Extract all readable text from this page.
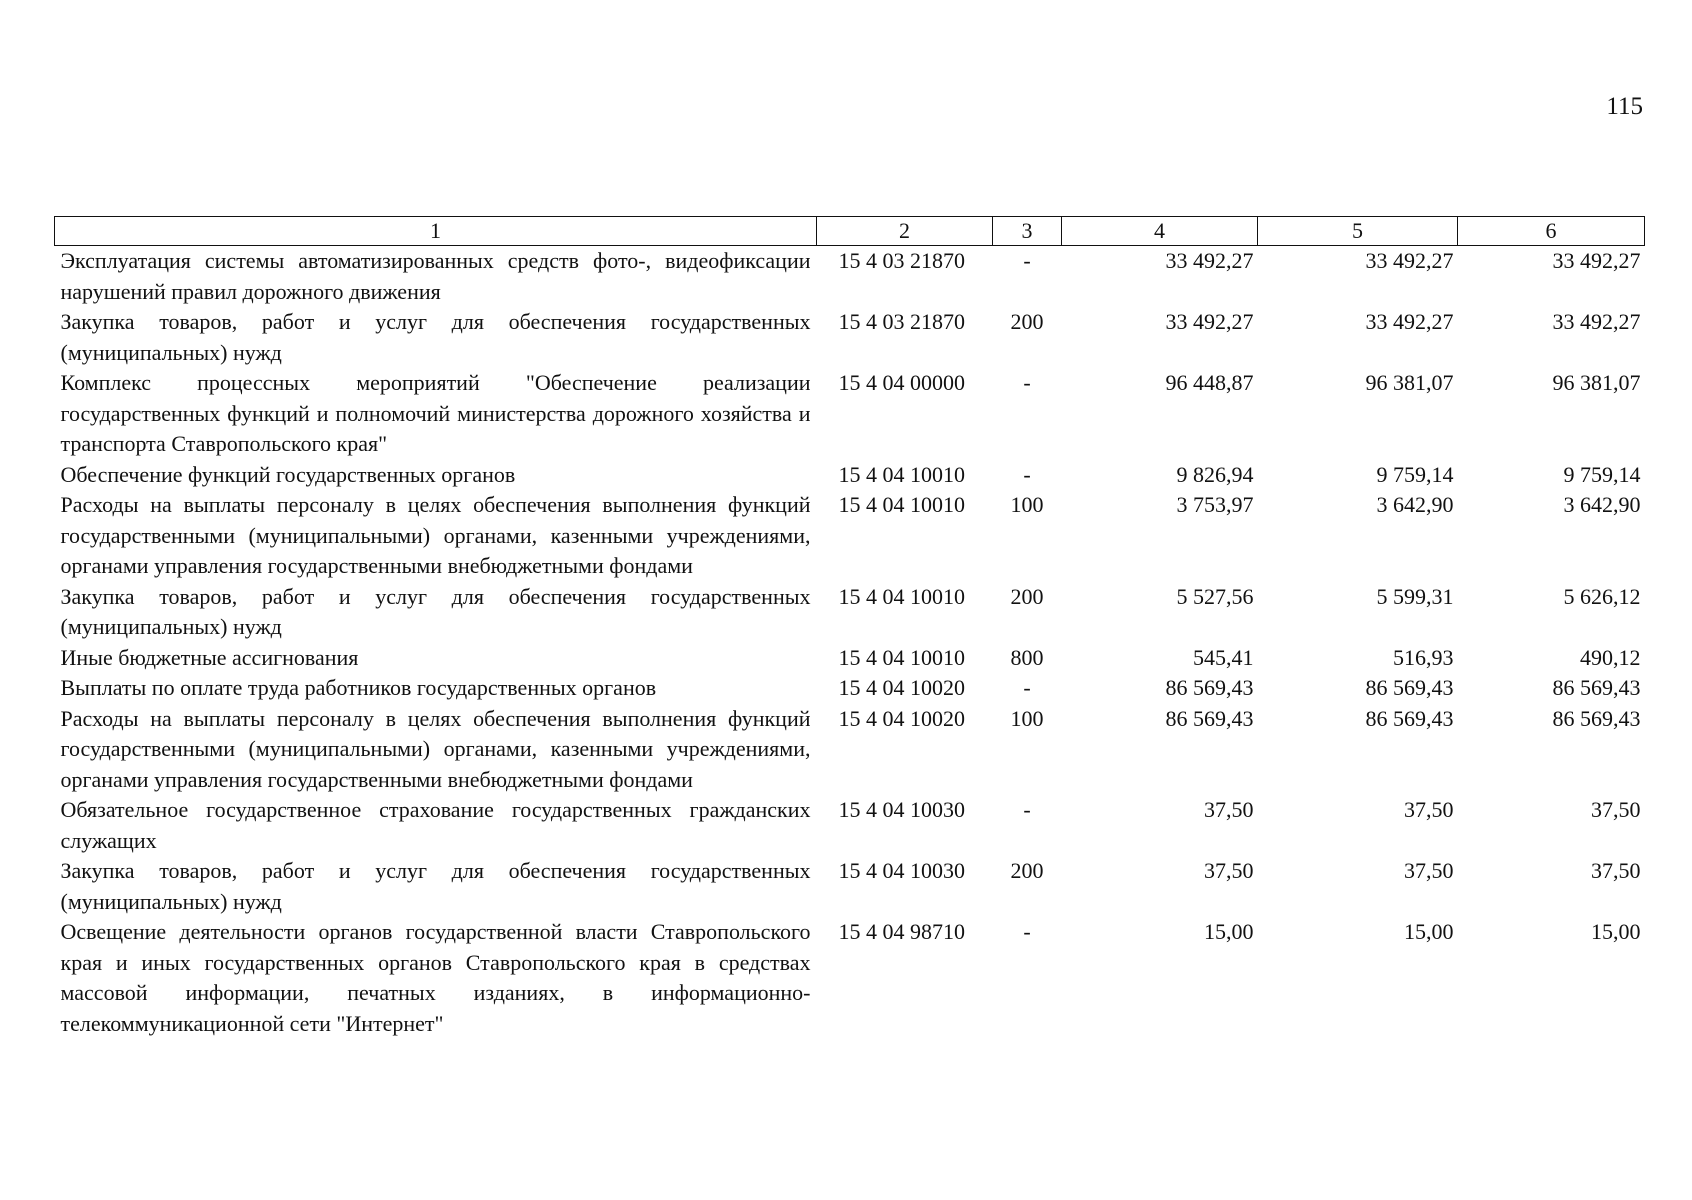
115
1	2	3	4	5	6
Эксплуатация системы автоматизированных средств фото-, видеофиксации нарушений правил дорожного движения	15 4 03 21870	-	33 492,27	33 492,27	33 492,27
Закупка товаров, работ и услуг для обеспечения государственных (муниципальных) нужд	15 4 03 21870	200	33 492,27	33 492,27	33 492,27
Комплекс процессных мероприятий "Обеспечение реализации государственных функций и полномочий министерства дорожного хозяйства и транспорта Ставропольского края"	15 4 04 00000	-	96 448,87	96 381,07	96 381,07
Обеспечение функций государственных органов	15 4 04 10010	-	9 826,94	9 759,14	9 759,14
Расходы на выплаты персоналу в целях обеспечения выполнения функций государственными (муниципальными) органами, казенными учреждениями, органами управления государственными внебюджетными фондами	15 4 04 10010	100	3 753,97	3 642,90	3 642,90
Закупка товаров, работ и услуг для обеспечения государственных (муниципальных) нужд	15 4 04 10010	200	5 527,56	5 599,31	5 626,12
Иные бюджетные ассигнования	15 4 04 10010	800	545,41	516,93	490,12
Выплаты по оплате труда работников государственных органов	15 4 04 10020	-	86 569,43	86 569,43	86 569,43
Расходы на выплаты персоналу в целях обеспечения выполнения функций государственными (муниципальными) органами, казенными учреждениями, органами управления государственными внебюджетными фондами	15 4 04 10020	100	86 569,43	86 569,43	86 569,43
Обязательное государственное страхование государственных гражданских служащих	15 4 04 10030	-	37,50	37,50	37,50
Закупка товаров, работ и услуг для обеспечения государственных (муниципальных) нужд	15 4 04 10030	200	37,50	37,50	37,50
Освещение деятельности органов государственной власти Ставропольского края и иных государственных органов Ставропольского края в средствах массовой информации, печатных изданиях, в информационно-телекоммуникационной сети "Интернет"	15 4 04 98710	-	15,00	15,00	15,00
